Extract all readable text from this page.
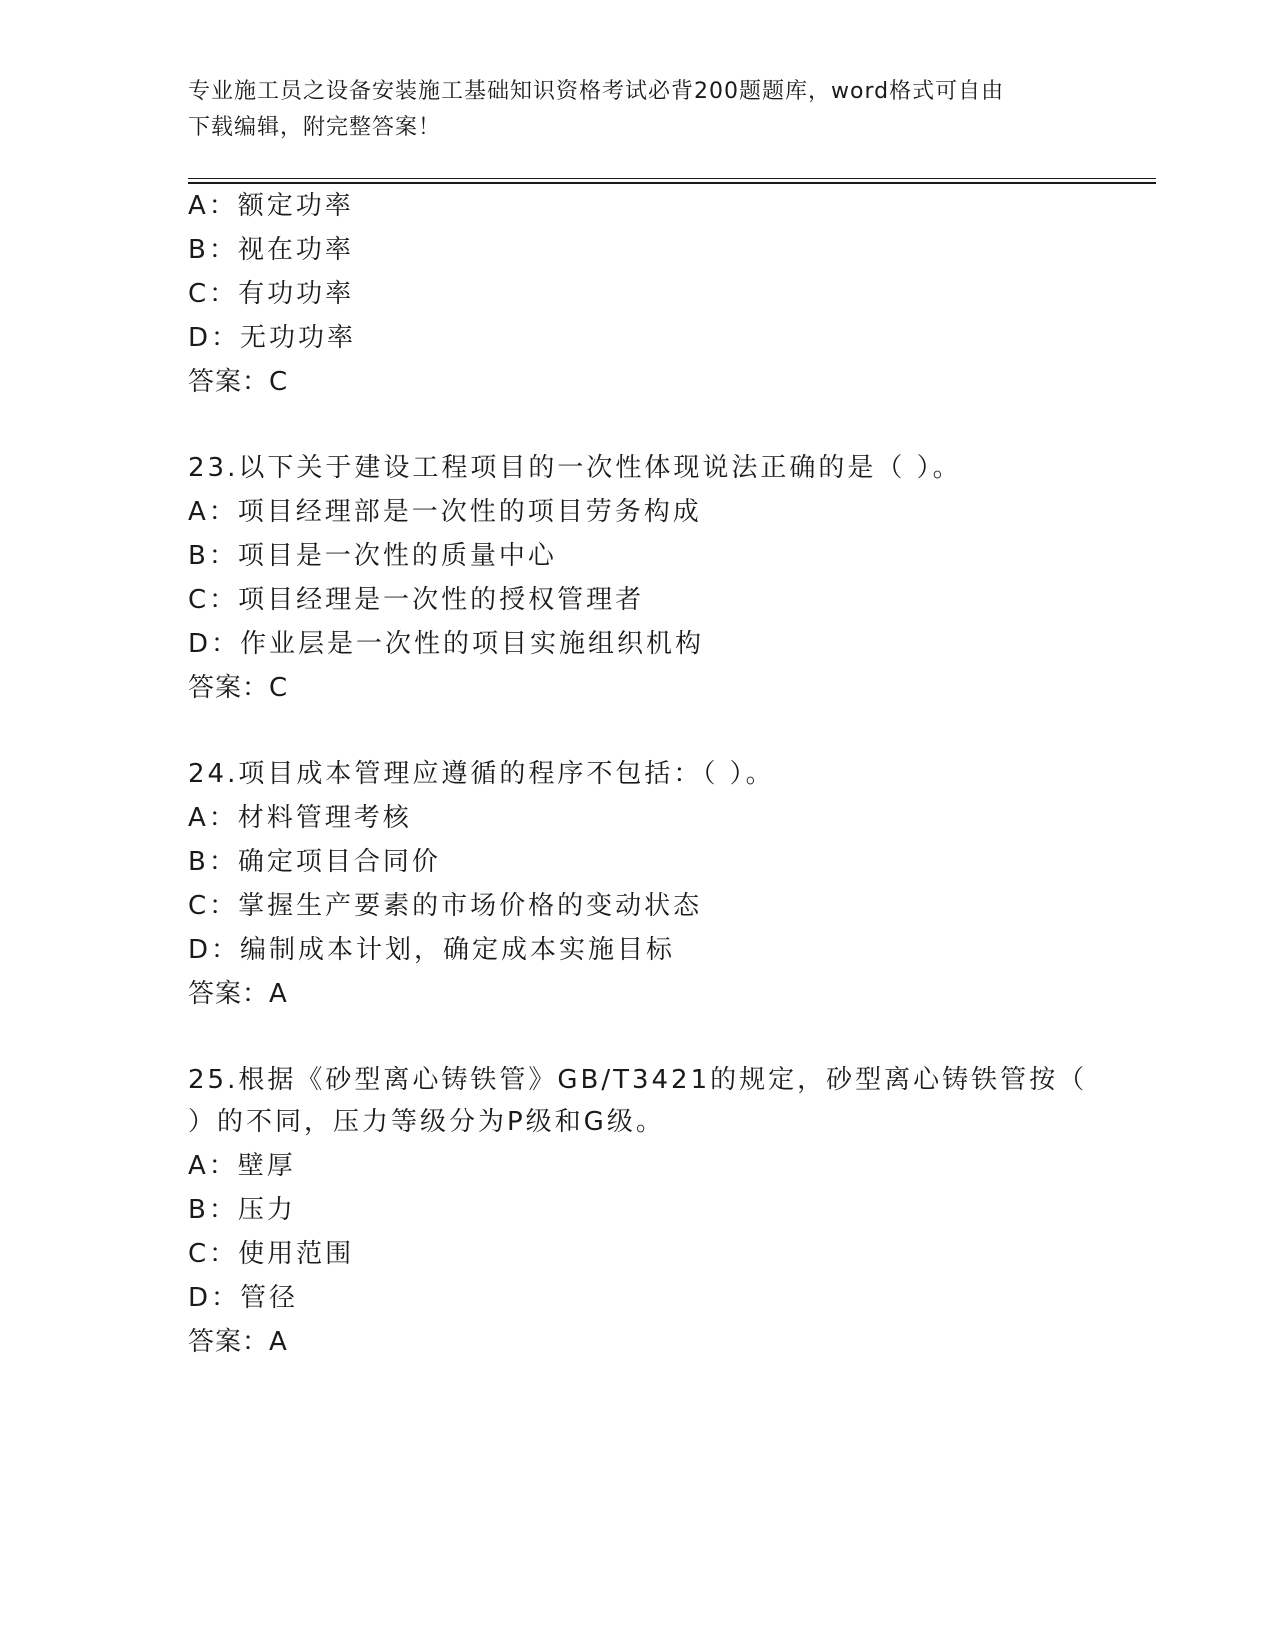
专业施工员之设备安装施工基础知识资格考试必背200题题库，word格式可自由
下载编辑，附完整答案！
A：额定功率
B：视在功率
C：有功功率
D：无功功率
答案：C
23.以下关于建设工程项目的一次性体现说法正确的是（ ）。
A：项目经理部是一次性的项目劳务构成
B：项目是一次性的质量中心
C：项目经理是一次性的授权管理者
D：作业层是一次性的项目实施组织机构
答案：C
24.项目成本管理应遵循的程序不包括：（ ）。
A：材料管理考核
B：确定项目合同价
C：掌握生产要素的市场价格的变动状态
D：编制成本计划，确定成本实施目标
答案：A
25.根据《砂型离心铸铁管》GB/T3421的规定，砂型离心铸铁管按（
）的不同，压力等级分为P级和G级。
A：壁厚
B：压力
C：使用范围
D：管径
答案：A
